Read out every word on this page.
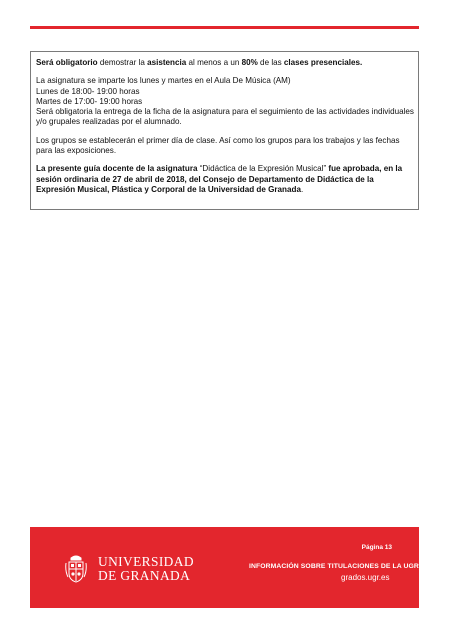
Será obligatorio demostrar la asistencia al menos a un 80% de las clases presenciales.

La asignatura se imparte los lunes y martes en el Aula De Música (AM)

Lunes de 18:00- 19:00 horas

Martes de 17:00- 19:00 horas

Será obligatoria la entrega de la ficha de la asignatura para el seguimiento de las actividades individuales y/o grupales realizadas por el alumnado.

Los grupos se establecerán el primer día de clase. Así como los grupos para los trabajos y las fechas para las exposiciones.

La presente guía docente de la asignatura “Didáctica de la Expresión Musical” fue aprobada, en la sesión ordinaria de 27 de abril de 2018, del Consejo de Departamento de Didáctica de la Expresión Musical, Plástica y Corporal de la Universidad de Granada.

UNIVERSIDAD
DE GRANADA
Página 13
INFORMACIÓN SOBRE TITULACIONES DE LA UGR
grados.ugr.es
